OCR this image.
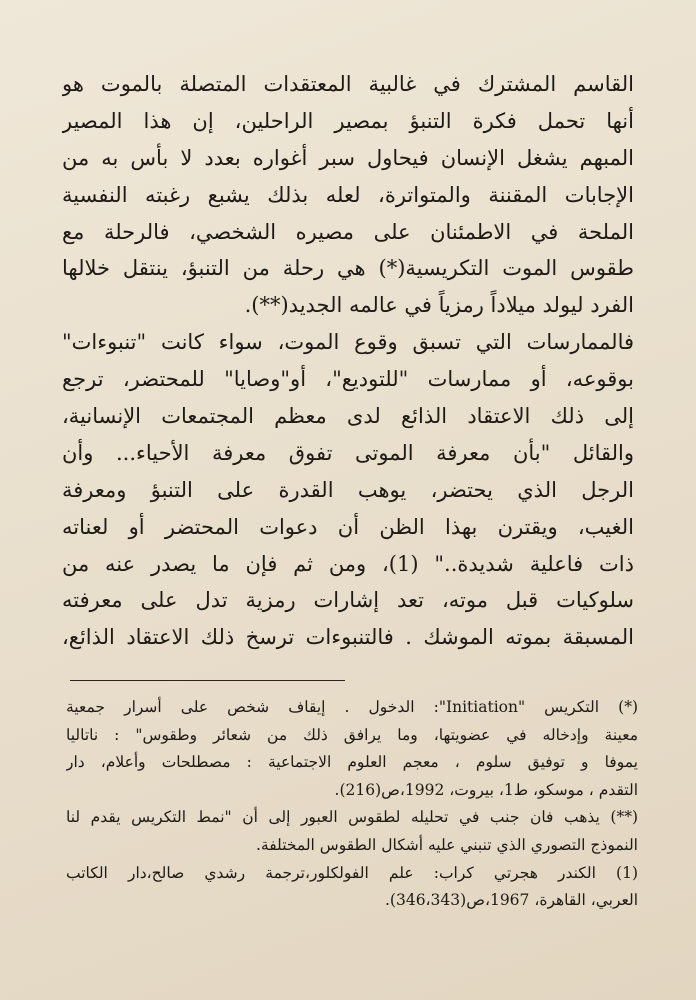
القاسم المشترك في غالبية المعتقدات المتصلة بالموت هو
أنها تحمل فكرة التنبؤ بمصير الراحلين، إن هذا المصير
المبهم يشغل الإنسان فيحاول سبر أغواره بعدد لا بأس به من
الإجابات المقننة والمتواترة، لعله بذلك يشبع رغبته النفسية
الملحة في الاطمئنان على مصيره الشخصي، فالرحلة مع
طقوس الموت التكريسية(*) هي رحلة من التنبؤ، ينتقل خلالها
الفرد ليولد ميلاداً رمزياً في عالمه الجديد(**).
فالممارسات التي تسبق وقوع الموت، سواء كانت "تنبوءات"
بوقوعه، أو ممارسات "للتوديع"، أو"وصايا" للمحتضر، ترجع
إلى ذلك الاعتقاد الذائع لدى معظم المجتمعات الإنسانية،
والقائل "بأن معرفة الموتى تفوق معرفة الأحياء... وأن
الرجل الذي يحتضر، يوهب القدرة على التنبؤ ومعرفة
الغيب، ويقترن بهذا الظن أن دعوات المحتضر أو لعناته
ذات فاعلية شديدة.." (1)، ومن ثم فإن ما يصدر عنه من
سلوكيات قبل موته، تعد إشارات رمزية تدل على معرفته
المسبقة بموته الموشك . فالتنبوءات ترسخ ذلك الاعتقاد الذائع،
(*) التكريس "Initiation": الدخول . إيقاف شخص على أسرار جمعية
معينة وإدخاله في عضويتها، وما يرافق ذلك من شعائر وطقوس" : ناتاليا
يموفا و توفيق سلوم ، معجم العلوم الاجتماعية : مصطلحات وأعلام، دار
التقدم ، موسكو، ط1، بيروت، 1992،ص(216).
(**) يذهب فان جنب في تحليله لطقوس العبور إلى أن "نمط التكريس يقدم لنا
النموذج التصوري الذي تنبني عليه أشكال الطقوس المختلفة.
(1) الكندر هجرتي كراب: علم الفولكلور،ترجمة رشدي صالح،دار الكاتب
العربي، القاهرة، 1967،ص(346،343).
